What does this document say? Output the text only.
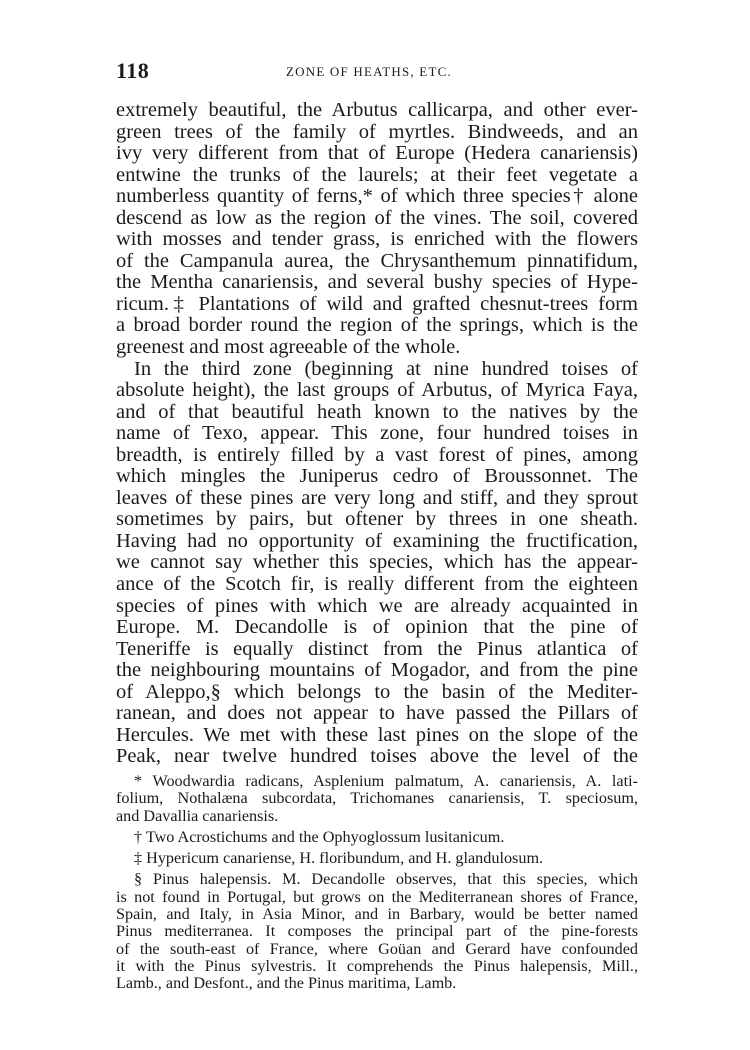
118	ZONE OF HEATHS, ETC.
extremely beautiful, the Arbutus callicarpa, and other ever-
green trees of the family of myrtles. Bindweeds, and an
ivy very different from that of Europe (Hedera canariensis)
entwine the trunks of the laurels; at their feet vegetate a
numberless quantity of ferns,* of which three species† alone
descend as low as the region of the vines. The soil, covered
with mosses and tender grass, is enriched with the flowers
of the Campanula aurea, the Chrysanthemum pinnatifidum,
the Mentha canariensis, and several bushy species of Hype-
ricum.‡ Plantations of wild and grafted chesnut-trees form
a broad border round the region of the springs, which is the
greenest and most agreeable of the whole.
In the third zone (beginning at nine hundred toises of
absolute height), the last groups of Arbutus, of Myrica Faya,
and of that beautiful heath known to the natives by the
name of Texo, appear. This zone, four hundred toises in
breadth, is entirely filled by a vast forest of pines, among
which mingles the Juniperus cedro of Broussonnet. The
leaves of these pines are very long and stiff, and they sprout
sometimes by pairs, but oftener by threes in one sheath.
Having had no opportunity of examining the fructification,
we cannot say whether this species, which has the appear-
ance of the Scotch fir, is really different from the eighteen
species of pines with which we are already acquainted in
Europe. M. Decandolle is of opinion that the pine of
Teneriffe is equally distinct from the Pinus atlantica of
the neighbouring mountains of Mogador, and from the pine
of Aleppo,§ which belongs to the basin of the Mediter-
ranean, and does not appear to have passed the Pillars of
Hercules. We met with these last pines on the slope of the
Peak, near twelve hundred toises above the level of the
* Woodwardia radicans, Asplenium palmatum, A. canariensis, A. lati-
folium, Nothalæna subcordata, Trichomanes canariensis, T. speciosum,
and Davallia canariensis.
† Two Acrostichums and the Ophyoglossum lusitanicum.
‡ Hypericum canariense, H. floribundum, and H. glandulosum.
§ Pinus halepensis. M. Decandolle observes, that this species, which
is not found in Portugal, but grows on the Mediterranean shores of France,
Spain, and Italy, in Asia Minor, and in Barbary, would be better named
Pinus mediterranea. It composes the principal part of the pine-forests
of the south-east of France, where Goüan and Gerard have confounded
it with the Pinus sylvestris. It comprehends the Pinus halepensis, Mill.,
Lamb., and Desfont., and the Pinus maritima, Lamb.
